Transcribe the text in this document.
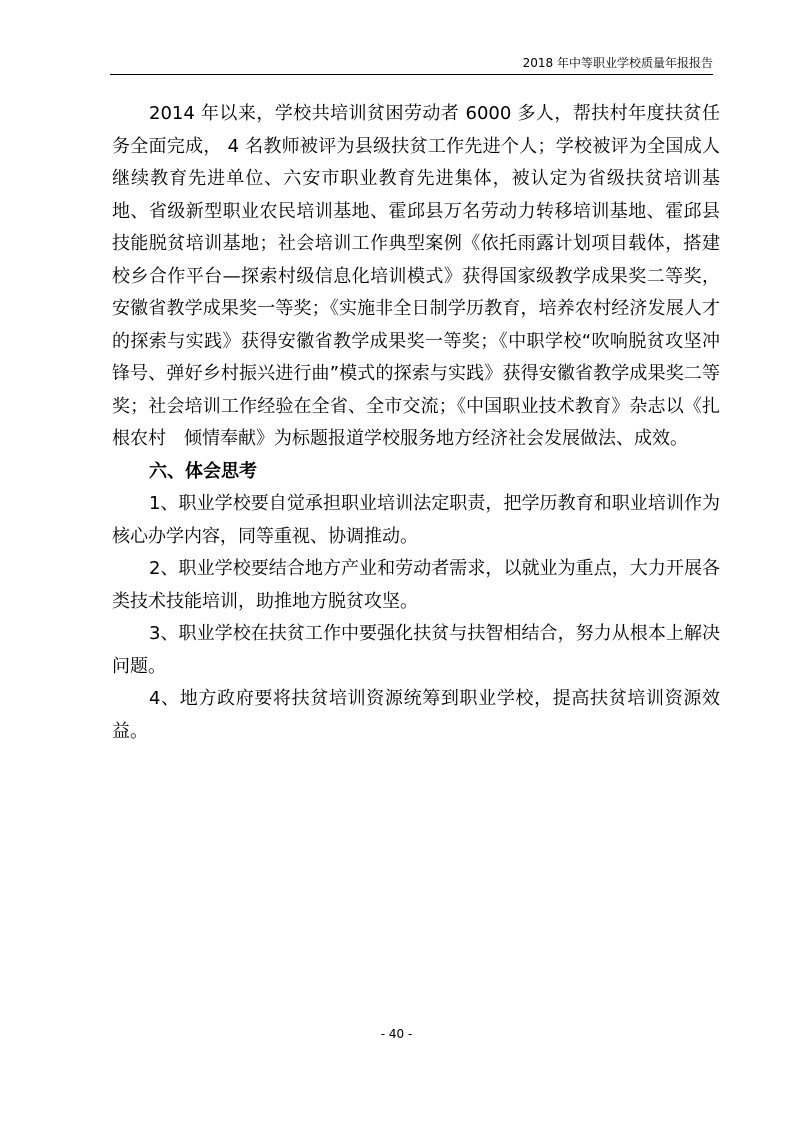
2018 年中等职业学校质量年报报告

2014 年以来，学校共培训贫困劳动者 6000 多人，帮扶村年度扶贫任务全面完成， 4 名教师被评为县级扶贫工作先进个人；学校被评为全国成人继续教育先进单位、六安市职业教育先进集体，被认定为省级扶贫培训基地、省级新型职业农民培训基地、霍邱县万名劳动力转移培训基地、霍邱县技能脱贫培训基地；社会培训工作典型案例《依托雨露计划项目载体，搭建校乡合作平台—探索村级信息化培训模式》获得国家级教学成果奖二等奖，安徽省教学成果奖一等奖；《实施非全日制学历教育，培养农村经济发展人才的探索与实践》获得安徽省教学成果奖一等奖；《中职学校“吹响脱贫攻坚冲锋号、弹好乡村振兴进行曲”模式的探索与实践》获得安徽省教学成果奖二等奖；社会培训工作经验在全省、全市交流；《中国职业技术教育》杂志以《扎根农村　倾情奉献》为标题报道学校服务地方经济社会发展做法、成效。

六、体会思考

1、职业学校要自觉承担职业培训法定职责，把学历教育和职业培训作为核心办学内容，同等重视、协调推动。

2、职业学校要结合地方产业和劳动者需求，以就业为重点，大力开展各类技术技能培训，助推地方脱贫攻坚。

3、职业学校在扶贫工作中要强化扶贫与扶智相结合，努力从根本上解决问题。

4、地方政府要将扶贫培训资源统筹到职业学校，提高扶贫培训资源效益。

- 40 -
